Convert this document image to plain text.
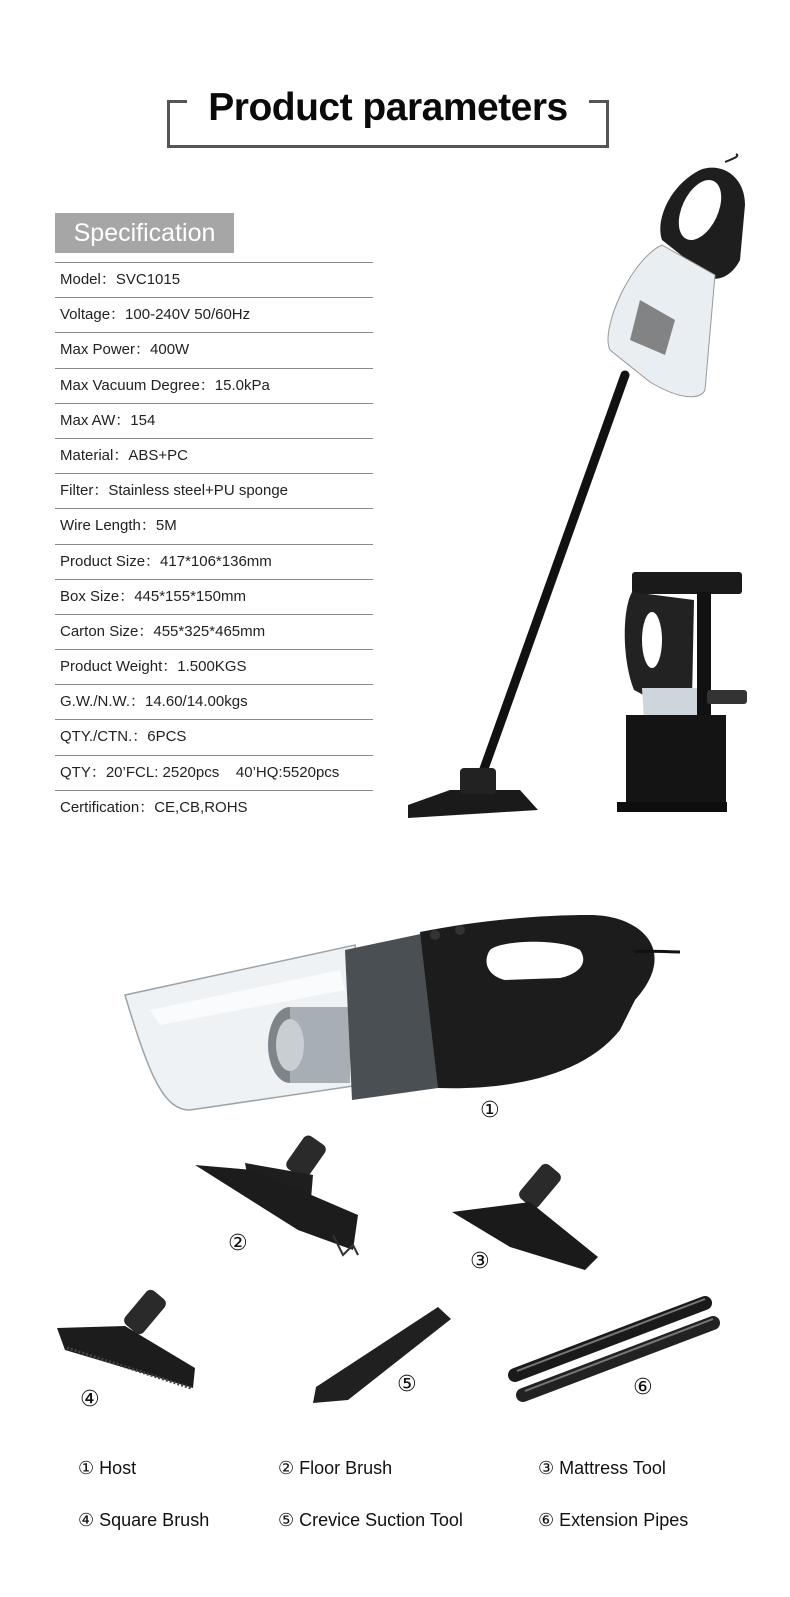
Product parameters
Specification
Model：SVC1015
Voltage：100-240V 50/60Hz
Max Power：400W
Max Vacuum Degree：15.0kPa
Max AW：154
Material：ABS+PC
Filter：Stainless steel+PU sponge
Wire Length：5M
Product Size：417*106*136mm
Box Size：445*155*150mm
Carton Size：455*325*465mm
Product Weight：1.500KGS
G.W./N.W.：14.60/14.00kgs
QTY./CTN.：6PCS
QTY：20’FCL: 2520pcs    40’HQ:5520pcs
Certification：CE,CB,ROHS
①
②
③
④
⑤	⑥
① Host	② Floor Brush	③ Mattress Tool
④ Square Brush	⑤ Crevice Suction Tool	⑥ Extension Pipes
